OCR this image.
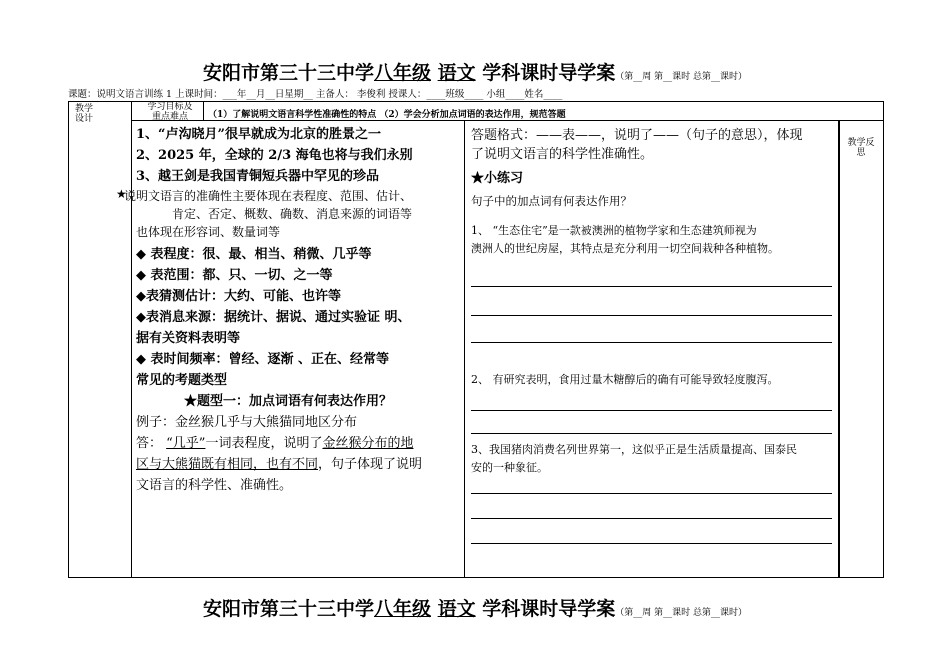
安阳市第三十三中学八年级 语文 学科课时导学案（第__周 第__课时 总第__课时）
课题：说明文语言训练 1 上课时间：___年__月__日星期__ 主备人： 李俊利 授课人：____班级____ 小组____姓名____
教学设计
学习目标及重点难点	（1）了解说明文语言科学性准确性的特点 （2）学会分析加点词语的表达作用，规范答题
教学反思
★
1、“卢沟晓月”很早就成为北京的胜景之一
2、2025 年，全球的 2/3 海龟也将与我们永别
3、越王剑是我国青铜短兵器中罕见的珍品
说明文语言的准确性主要体现在表程度、范围、估计、
肯定、否定、概数、确数、消息来源的词语等
也体现在形容词、数量词等
◆ 表程度：很、最、相当、稍微、几乎等
◆ 表范围：都、只、一切、之一等
◆表猜测估计：大约、可能、也许等
◆表消息来源：据统计、据说、通过实验证 明、
据有关资料表明等
◆ 表时间频率：曾经、逐渐 、正在、经常等
常见的考题类型
★题型一：加点词语有何表达作用？
例子：金丝猴几乎与大熊猫同地区分布
答： “几乎”一词表程度，说明了金丝猴分布的地
区与大熊猫既有相同，也有不同，句子体现了说明
文语言的科学性、准确性。
答题格式：——表——，说明了——（句子的意思），体现
了说明文语言的科学性准确性。
★小练习
句子中的加点词有何表达作用？
1、 “生态住宅”是一款被澳洲的植物学家和生态建筑师视为
澳洲人的世纪房屋，其特点是充分利用一切空间栽种各种植物。
2、 有研究表明，食用过量木糖醇后的确有可能导致轻度腹泻。
3、我国猪肉消费名列世界第一，这似乎正是生活质量提高、国泰民
安的一种象征。
安阳市第三十三中学八年级 语文 学科课时导学案（第__周 第__课时 总第__课时）
